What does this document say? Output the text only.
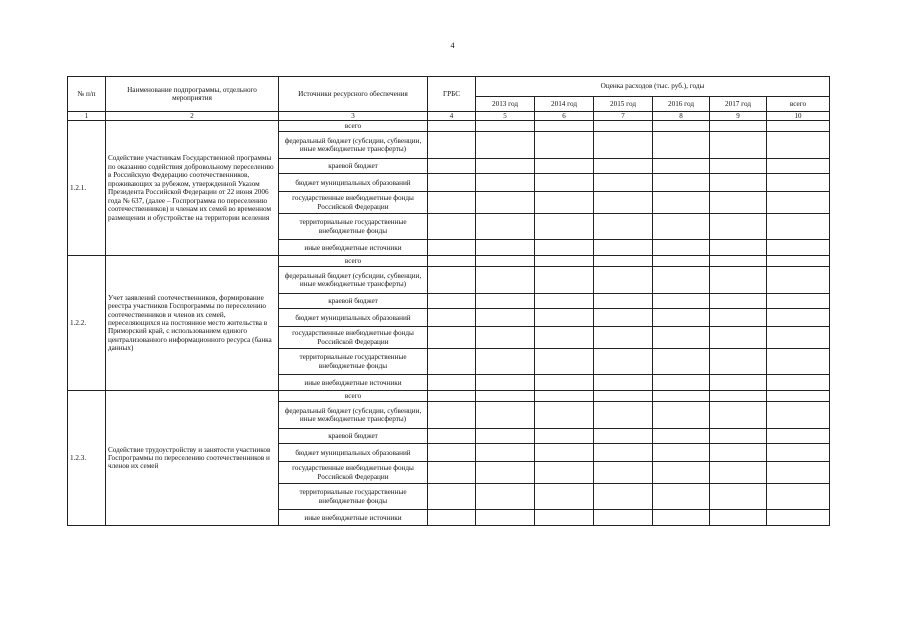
4
№ п/п	Наименование подпрограммы, отдельного мероприятия	Источники ресурсного обеспечения	ГРБС	Оценка расходов (тыс. руб.), годы					
				2013 год	2014 год	2015 год	2016 год	2017 год	всего
1	2	3	4	5	6	7	8	9	10
1.2.1.	Содействие участникам Государственной программы по оказанию содействия добровольному переселению в Российскую Федерацию соотечественников, проживающих за рубежом, утвержденной Указом Президента Российской Федерации от 22 июня 2006 года № 637, (далее – Госпрограмма по переселению соотечественников) и членам их семей во временном размещении и обустройстве на территории вселения	всего							
		федеральный бюджет (субсидии, субвенции, иные межбюджетные трансферты)							
		краевой бюджет							
		бюджет муниципальных образований							
		государственные внебюджетные фонды Российской Федерации							
		территориальные государственные внебюджетные фонды							
		иные внебюджетные источники							
1.2.2.	Учет заявлений соотечественников, формирование реестра участников Госпрограммы по переселению соотечественников и членов их семей, переселяющихся на постоянное место жительства в Приморский край, с использованием единого централизованного информационного ресурса (банка данных)	всего							
		федеральный бюджет (субсидии, субвенции, иные межбюджетные трансферты)							
		краевой бюджет							
		бюджет муниципальных образований							
		государственные внебюджетные фонды Российской Федерации							
		территориальные государственные внебюджетные фонды							
		иные внебюджетные источники							
1.2.3.	Содействие трудоустройству и занятости участников Госпрограммы по переселению соотечественников и членов их семей	всего							
		федеральный бюджет (субсидии, субвенции, иные межбюджетные трансферты)							
		краевой бюджет							
		бюджет муниципальных образований							
		государственные внебюджетные фонды Российской Федерации							
		территориальные государственные внебюджетные фонды							
		иные внебюджетные источники							
